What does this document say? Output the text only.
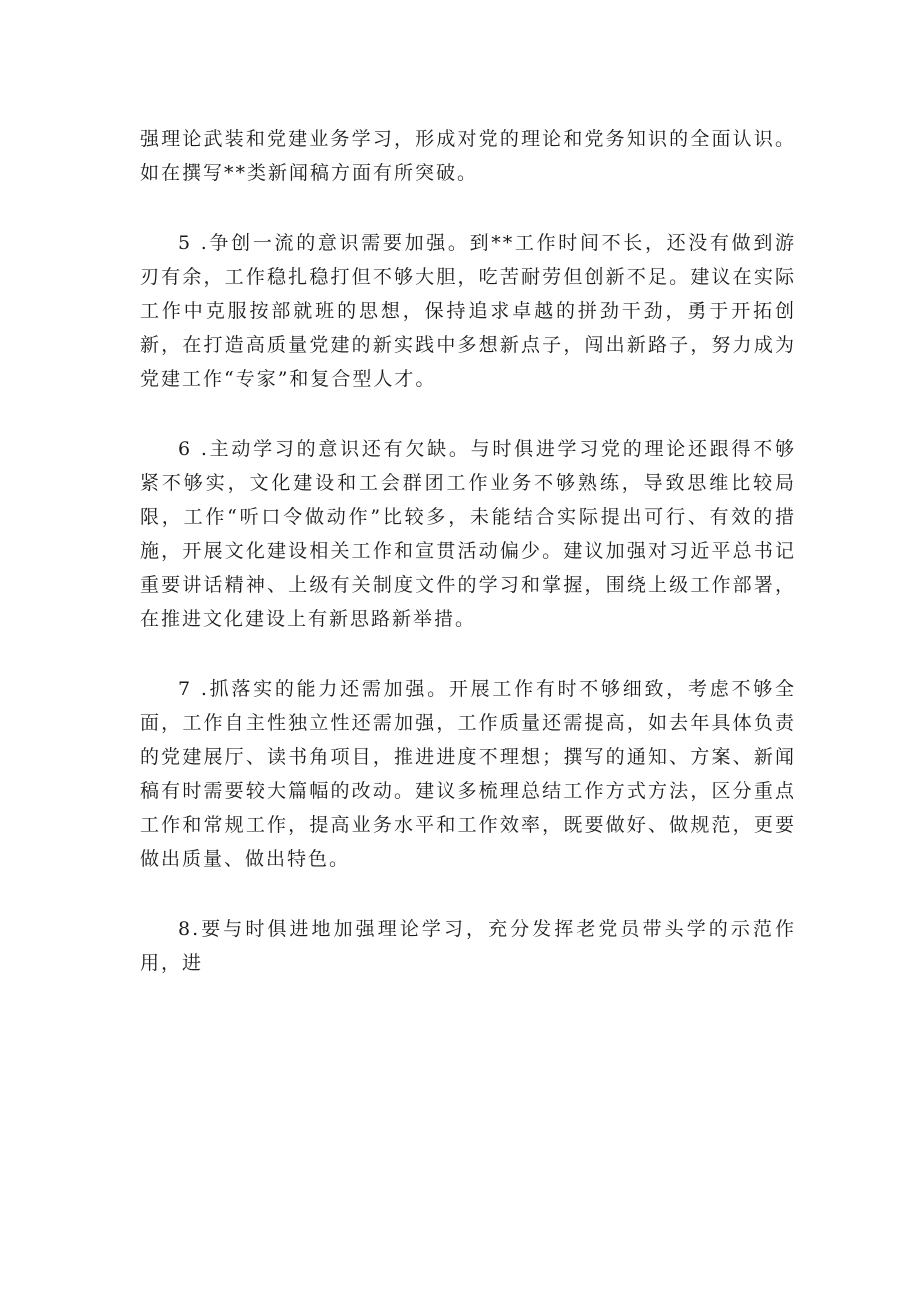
强理论武装和党建业务学习，形成对党的理论和党务知识的全面认识。如在撰写**类新闻稿方面有所突破。

5 .争创一流的意识需要加强。到**工作时间不长，还没有做到游刃有余，工作稳扎稳打但不够大胆，吃苦耐劳但创新不足。建议在实际工作中克服按部就班的思想，保持追求卓越的拼劲干劲，勇于开拓创新，在打造高质量党建的新实践中多想新点子，闯出新路子，努力成为党建工作“专家”和复合型人才。

6 .主动学习的意识还有欠缺。与时俱进学习党的理论还跟得不够紧不够实，文化建设和工会群团工作业务不够熟练，导致思维比较局限，工作“听口令做动作”比较多，未能结合实际提出可行、有效的措施，开展文化建设相关工作和宣贯活动偏少。建议加强对习近平总书记重要讲话精神、上级有关制度文件的学习和掌握，围绕上级工作部署，在推进文化建设上有新思路新举措。

7 .抓落实的能力还需加强。开展工作有时不够细致，考虑不够全面，工作自主性独立性还需加强，工作质量还需提高，如去年具体负责的党建展厅、读书角项目，推进进度不理想；撰写的通知、方案、新闻稿有时需要较大篇幅的改动。建议多梳理总结工作方式方法，区分重点工作和常规工作，提高业务水平和工作效率，既要做好、做规范，更要做出质量、做出特色。

8.要与时俱进地加强理论学习，充分发挥老党员带头学的示范作用，进
